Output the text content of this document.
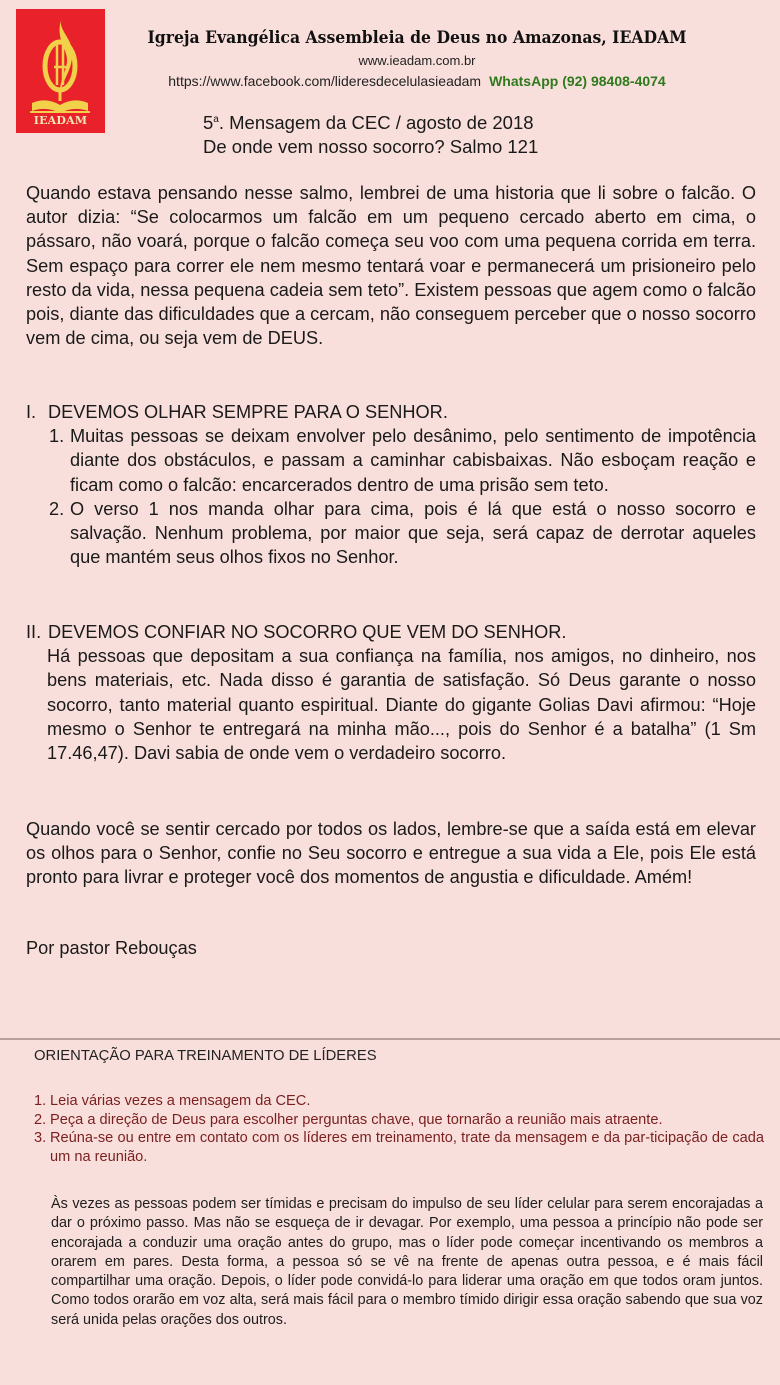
IEADAM
Igreja Evangélica Assembleia de Deus no Amazonas, IEADAM
www.ieadam.com.br
https://www.facebook.com/lideresdecelulasieadam WhatsApp (92) 98408-4074
5$^a$. Mensagem da CEC / agosto de 2018
De onde vem nosso socorro? Salmo 121
Quando estava pensando nesse salmo, lembrei de uma historia que li sobre o falcão. O autor dizia: “Se colocarmos um falcão em um pequeno cercado aberto em cima, o pássaro, não voará, porque o falcão começa seu voo com uma pequena corrida em terra. Sem espaço para correr ele nem mesmo tentará voar e permanecerá um prisioneiro pelo resto da vida, nessa pequena cadeia sem teto”. Existem pessoas que agem como o falcão pois, diante das dificuldades que a cercam, não conseguem perceber que o nosso socorro vem de cima, ou seja vem de DEUS.
I. DEVEMOS OLHAR SEMPRE PARA O SENHOR.
1. Muitas pessoas se deixam envolver pelo desânimo, pelo sentimento de impotência diante dos obstáculos, e passam a caminhar cabisbaixas. Não esboçam reação e ficam como o falcão: encarcerados dentro de uma prisão sem teto.
2. O verso 1 nos manda olhar para cima, pois é lá que está o nosso socorro e salvação. Nenhum problema, por maior que seja, será capaz de derrotar aqueles que mantém seus olhos fixos no Senhor.
II. DEVEMOS CONFIAR NO SOCORRO QUE VEM DO SENHOR.
Há pessoas que depositam a sua confiança na família, nos amigos, no dinheiro, nos bens materiais, etc. Nada disso é garantia de satisfação. Só Deus garante o nosso socorro, tanto material quanto espiritual. Diante do gigante Golias Davi afirmou: “Hoje mesmo o Senhor te entregará na minha mão..., pois do Senhor é a batalha” (1 Sm 17.46,47). Davi sabia de onde vem o verdadeiro socorro.
Quando você se sentir cercado por todos os lados, lembre-se que a saída está em elevar os olhos para o Senhor, confie no Seu socorro e entregue a sua vida a Ele, pois Ele está pronto para livrar e proteger você dos momentos de angustia e dificuldade. Amém!
Por pastor Rebouças
ORIENTAÇÃO PARA TREINAMENTO DE LÍDERES
1. Leia várias vezes a mensagem da CEC.
2. Peça a direção de Deus para escolher perguntas chave, que tornarão a reunião mais atraente.
3. Reúna-se ou entre em contato com os líderes em treinamento, trate da mensagem e da par-ticipação de cada um na reunião.
Às vezes as pessoas podem ser tímidas e precisam do impulso de seu líder celular para serem encorajadas a dar o próximo passo. Mas não se esqueça de ir devagar. Por exemplo, uma pessoa a princípio não pode ser encorajada a conduzir uma oração antes do grupo, mas o líder pode começar incentivando os membros a orarem em pares. Desta forma, a pessoa só se vê na frente de apenas outra pessoa, e é mais fácil compartilhar uma oração. Depois, o líder pode convidá-lo para liderar uma oração em que todos oram juntos. Como todos orarão em voz alta, será mais fácil para o membro tímido dirigir essa oração sabendo que sua voz será unida pelas orações dos outros.
